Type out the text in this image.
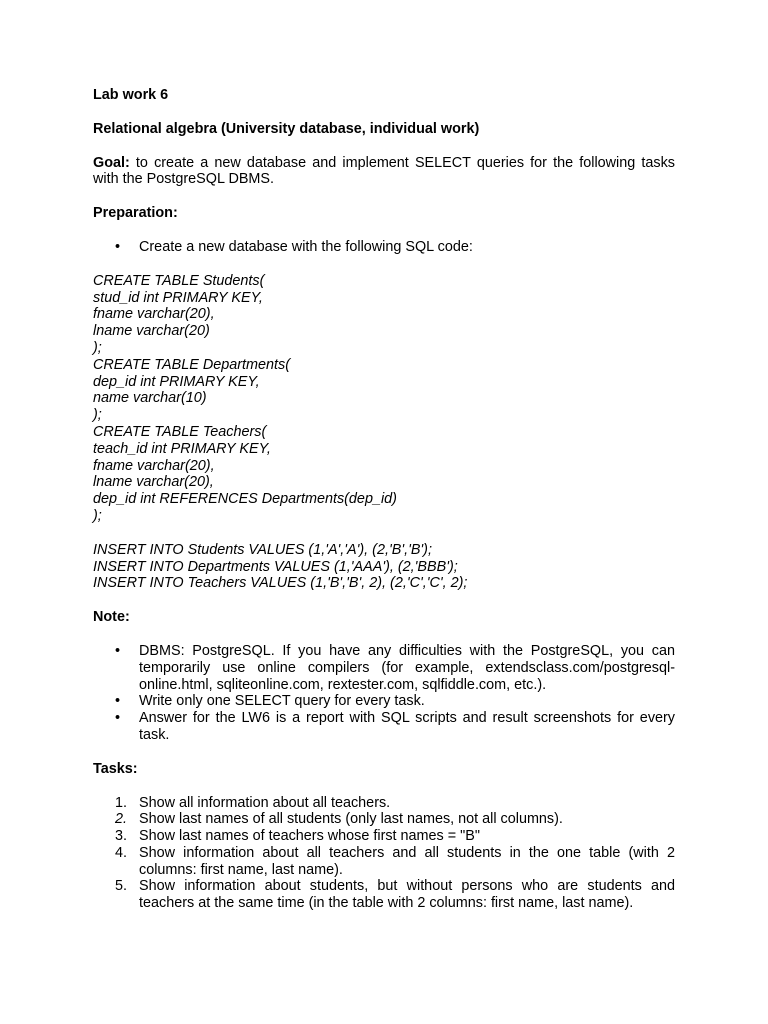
Lab work 6

Relational algebra (University database, individual work)

Goal: to create a new database and implement SELECT queries for the following tasks with the PostgreSQL DBMS.

Preparation:

• Create a new database with the following SQL code:
CREATE TABLE Students(
stud_id int PRIMARY KEY,
fname varchar(20),
lname varchar(20)
);
CREATE TABLE Departments(
dep_id int PRIMARY KEY,
name varchar(10)
);
CREATE TABLE Teachers(
teach_id int PRIMARY KEY,
fname varchar(20),
lname varchar(20),
dep_id int REFERENCES Departments(dep_id)
);
INSERT INTO Students VALUES (1,'A','A'), (2,'B','B');
INSERT INTO Departments VALUES (1,'AAA'), (2,'BBB');
INSERT INTO Teachers VALUES (1,'B','B', 2), (2,'C','C', 2);

Note:

• DBMS: PostgreSQL. If you have any difficulties with the PostgreSQL, you can temporarily use online compilers (for example, extendsclass.com/postgresql-online.html, sqliteonline.com, rextester.com, sqlfiddle.com, etc.).
• Write only one SELECT query for every task.
• Answer for the LW6 is a report with SQL scripts and result screenshots for every task.

Tasks:

1. Show all information about all teachers.
2. Show last names of all students (only last names, not all columns).
3. Show last names of teachers whose first names = "B"
4. Show information about all teachers and all students in the one table (with 2 columns: first name, last name).
5. Show information about students, but without persons who are students and teachers at the same time (in the table with 2 columns: first name, last name).
